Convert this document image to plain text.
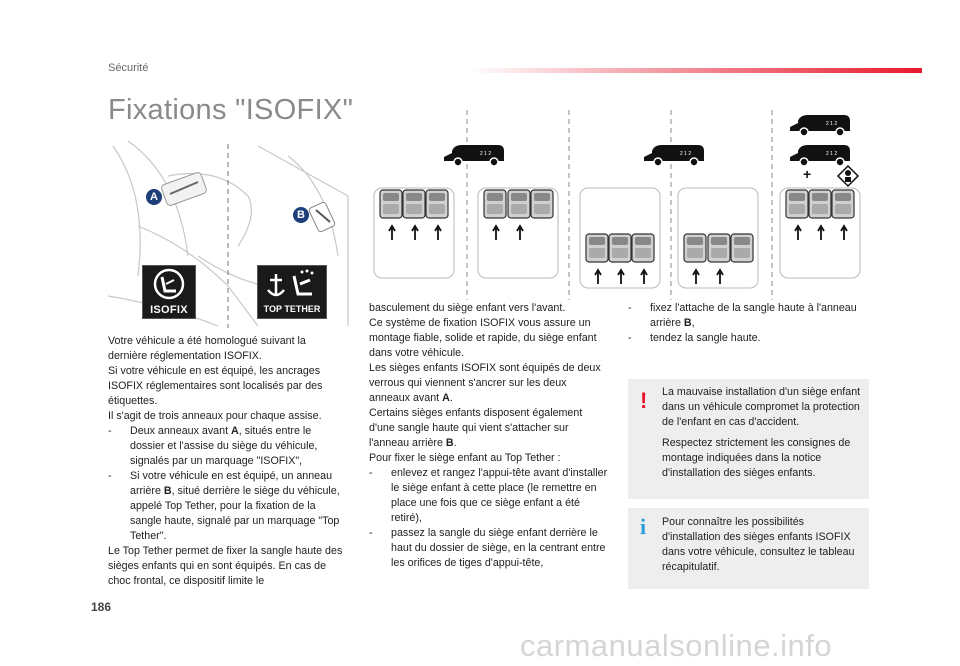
Sécurité
Fixations "ISOFIX"
A
B
ISOFIX	TOP TETHER
2 1 2
+
Votre véhicule a été homologué suivant la dernière réglementation ISOFIX.
Si votre véhicule en est équipé, les ancrages ISOFIX réglementaires sont localisés par des étiquettes.
Il s'agit de trois anneaux pour chaque assise.
-	Deux anneaux avant A, situés entre le dossier et l'assise du siège du véhicule, signalés par un marquage "ISOFIX",
-	Si votre véhicule en est équipé, un anneau arrière B, situé derrière le siège du véhicule, appelé Top Tether, pour la fixation de la sangle haute, signalé par un marquage "Top Tether".
Le Top Tether permet de fixer la sangle haute des sièges enfants qui en sont équipés. En cas de choc frontal, ce dispositif limite le
basculement du siège enfant vers l'avant.
Ce système de fixation ISOFIX vous assure un montage fiable, solide et rapide, du siège enfant dans votre véhicule.
Les sièges enfants ISOFIX sont équipés de deux verrous qui viennent s'ancrer sur les deux anneaux avant A.
Certains sièges enfants disposent également d'une sangle haute qui vient s'attacher sur l'anneau arrière B.
Pour fixer le siège enfant au Top Tether :
-	enlevez et rangez l'appui-tête avant d'installer le siège enfant à cette place (le remettre en place une fois que ce siège enfant a été retiré),
-	passez la sangle du siège enfant derrière le haut du dossier de siège, en la centrant entre les orifices de tiges d'appui-tête,
-	fixez l'attache de la sangle haute à l'anneau arrière B,
-	tendez la sangle haute.
! La mauvaise installation d'un siège enfant dans un véhicule compromet la protection de l'enfant en cas d'accident.
Respectez strictement les consignes de montage indiquées dans la notice d'installation des sièges enfants.
i Pour connaître les possibilités d'installation des sièges enfants ISOFIX dans votre véhicule, consultez le tableau récapitulatif.
186
carmanualsonline.info
